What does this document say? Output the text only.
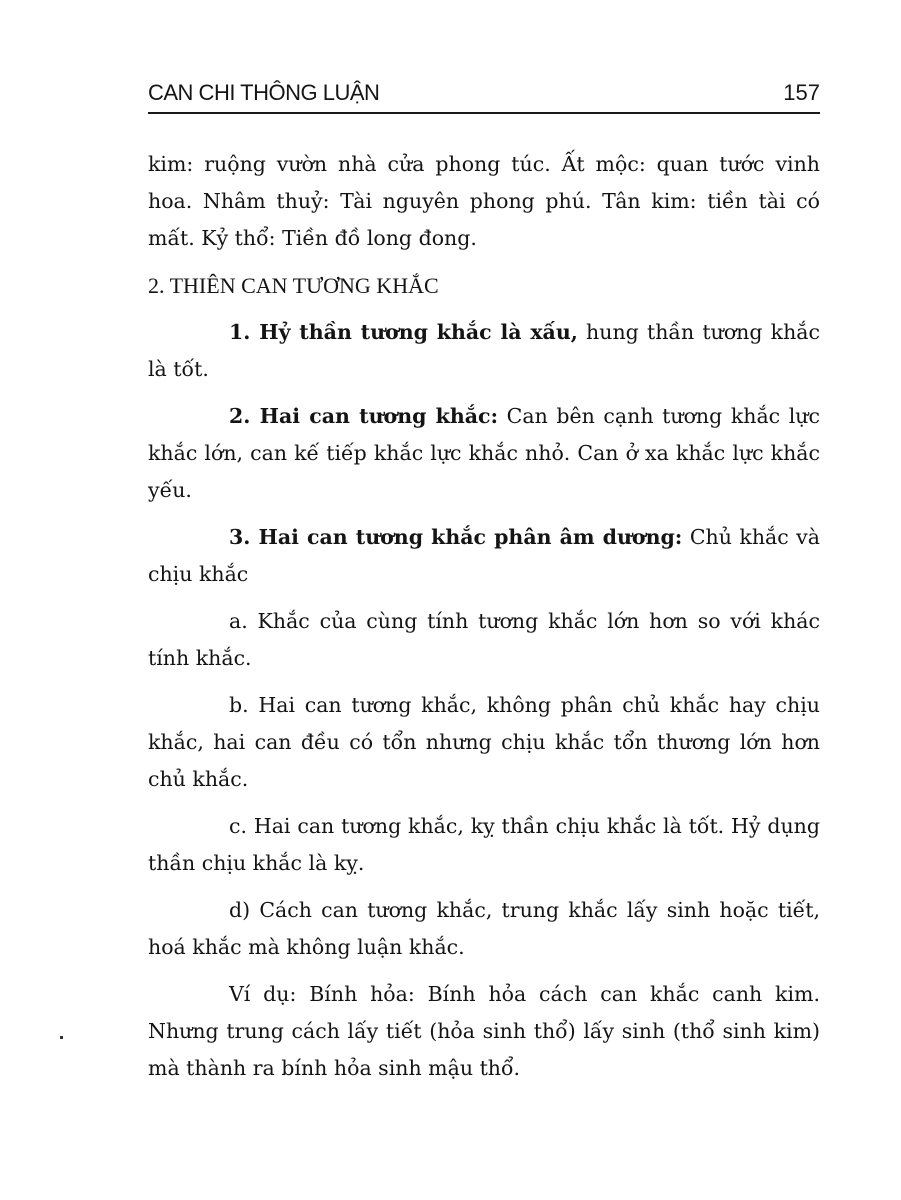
CAN CHI THÔNG LUẬN	157

kim: ruộng vườn nhà cửa phong túc. Ất mộc: quan tước vinh hoa. Nhâm thuỷ: Tài nguyên phong phú. Tân kim: tiền tài có mất. Kỷ thổ: Tiền đồ long đong.

2. THIÊN CAN TƯƠNG KHẮC

1. Hỷ thần tương khắc là xấu, hung thần tương khắc là tốt.

2. Hai can tương khắc: Can bên cạnh tương khắc lực khắc lớn, can kế tiếp khắc lực khắc nhỏ. Can ở xa khắc lực khắc yếu.

3. Hai can tương khắc phân âm dương: Chủ khắc và chịu khắc

a. Khắc của cùng tính tương khắc lớn hơn so với khác tính khắc.

b. Hai can tương khắc, không phân chủ khắc hay chịu khắc, hai can đều có tổn nhưng chịu khắc tổn thương lớn hơn chủ khắc.

c. Hai can tương khắc, kỵ thần chịu khắc là tốt. Hỷ dụng thần chịu khắc là kỵ.

d) Cách can tương khắc, trung khắc lấy sinh hoặc tiết, hoá khắc mà không luận khắc.

Ví dụ: Bính hỏa: Bính hỏa cách can khắc canh kim. Nhưng trung cách lấy tiết (hỏa sinh thổ) lấy sinh (thổ sinh kim) mà thành ra bính hỏa sinh mậu thổ.
